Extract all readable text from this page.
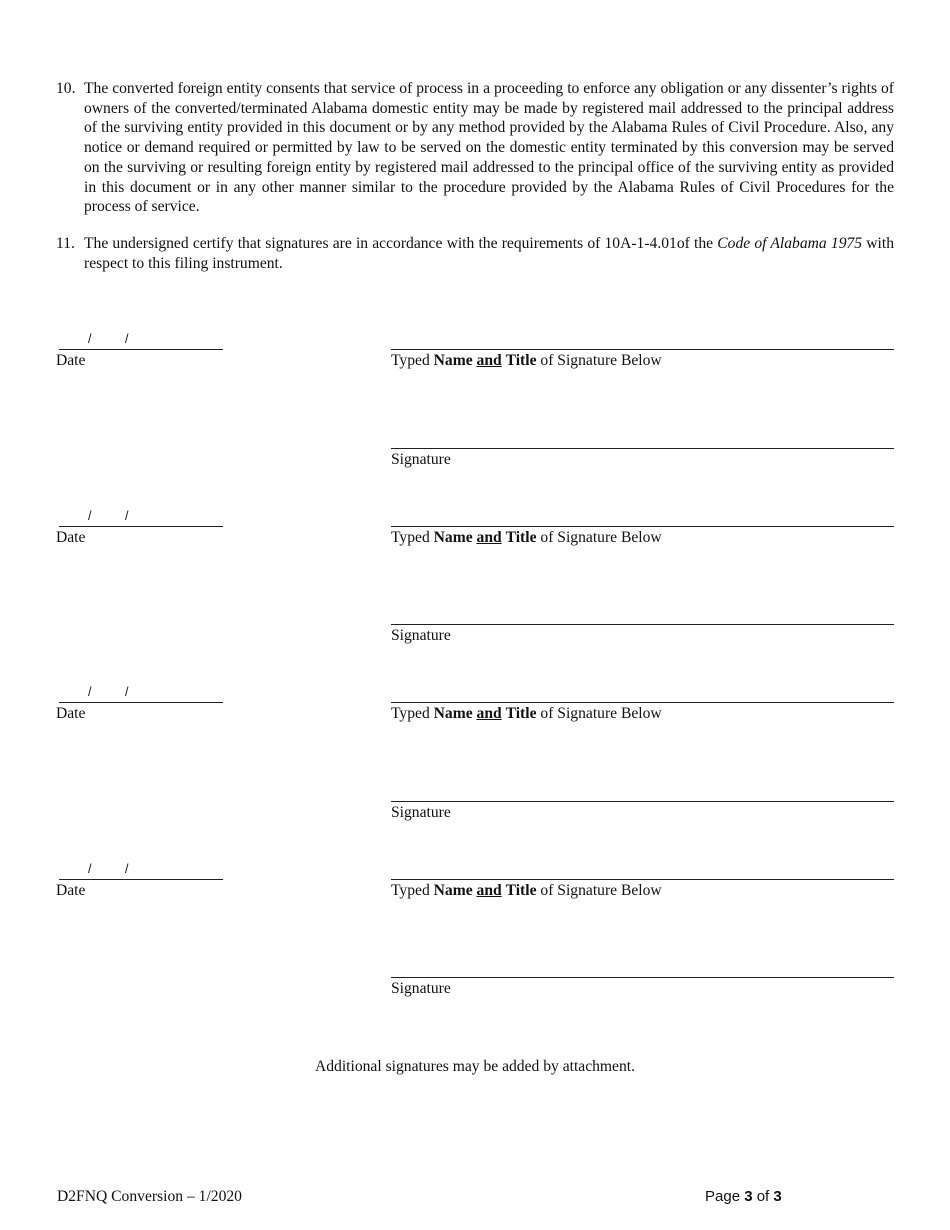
10. The converted foreign entity consents that service of process in a proceeding to enforce any obligation or any dissenter’s rights of owners of the converted/terminated Alabama domestic entity may be made by registered mail addressed to the principal address of the surviving entity provided in this document or by any method provided by the Alabama Rules of Civil Procedure. Also, any notice or demand required or permitted by law to be served on the domestic entity terminated by this conversion may be served on the surviving or resulting foreign entity by registered mail addressed to the principal office of the surviving entity as provided in this document or in any other manner similar to the procedure provided by the Alabama Rules of Civil Procedures for the process of service.
11. The undersigned certify that signatures are in accordance with the requirements of 10A-1-4.01of the Code of Alabama 1975 with respect to this filing instrument.
/	/
Date	Typed Name and Title of Signature Below
Signature
/	/
Date	Typed Name and Title of Signature Below
Signature
/	/
Date	Typed Name and Title of Signature Below
Signature
/	/
Date	Typed Name and Title of Signature Below
Signature
Additional signatures may be added by attachment.
D2FNQ Conversion – 1/2020	Page 3 of 3
